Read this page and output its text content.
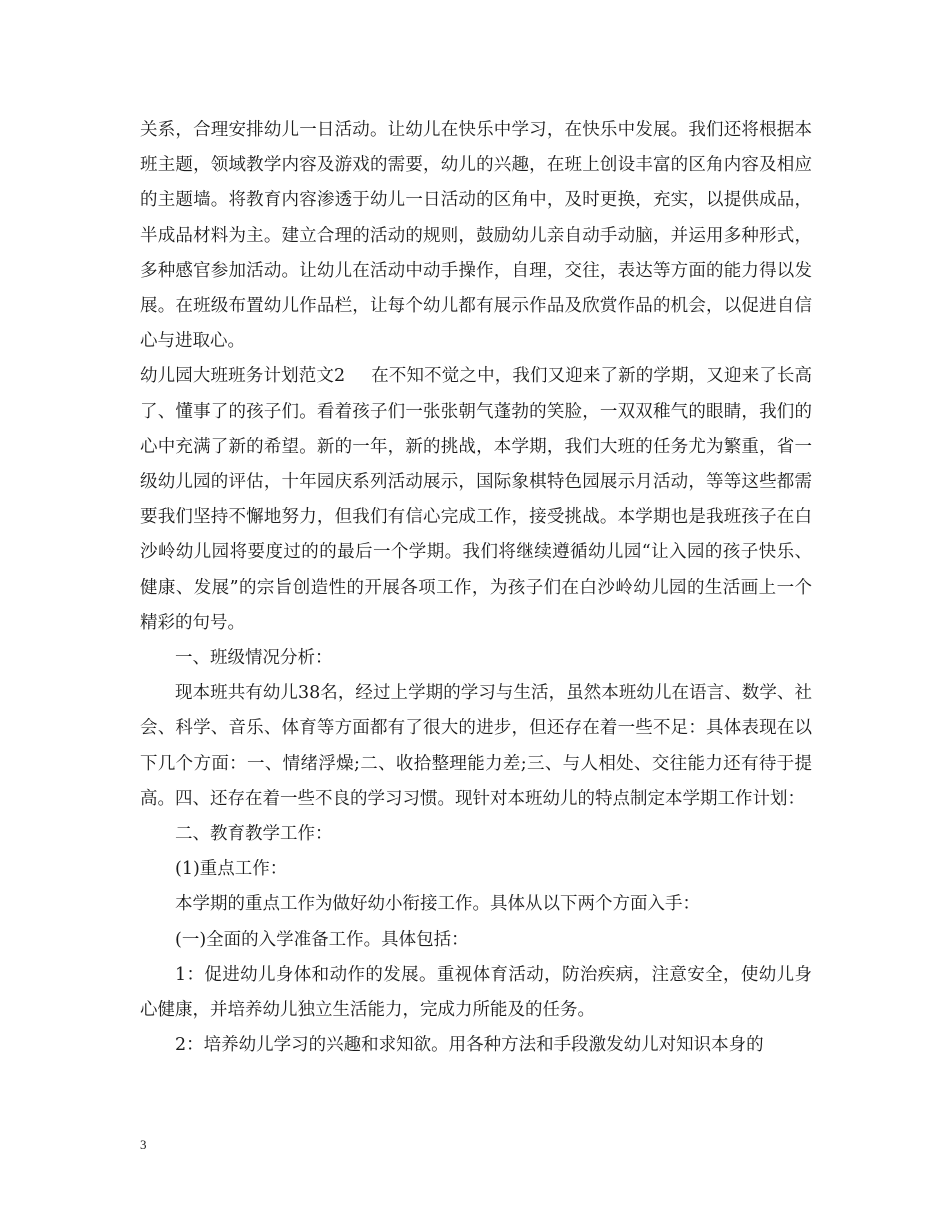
关系，合理安排幼儿一日活动。让幼儿在快乐中学习，在快乐中发展。我们还将根据本班主题，领域教学内容及游戏的需要，幼儿的兴趣，在班上创设丰富的区角内容及相应的主题墙。将教育内容渗透于幼儿一日活动的区角中，及时更换，充实，以提供成品，半成品材料为主。建立合理的活动的规则，鼓励幼儿亲自动手动脑，并运用多种形式，多种感官参加活动。让幼儿在活动中动手操作，自理，交往，表达等方面的能力得以发展。在班级布置幼儿作品栏，让每个幼儿都有展示作品及欣赏作品的机会，以促进自信心与进取心。

幼儿园大班班务计划范文2 在不知不觉之中，我们又迎来了新的学期，又迎来了长高了、懂事了的孩子们。看着孩子们一张张朝气蓬勃的笑脸，一双双稚气的眼睛，我们的心中充满了新的希望。新的一年，新的挑战，本学期，我们大班的任务尤为繁重，省一级幼儿园的评估，十年园庆系列活动展示，国际象棋特色园展示月活动，等等这些都需要我们坚持不懈地努力，但我们有信心完成工作，接受挑战。本学期也是我班孩子在白沙岭幼儿园将要度过的的最后一个学期。我们将继续遵循幼儿园“让入园的孩子快乐、健康、发展”的宗旨创造性的开展各项工作，为孩子们在白沙岭幼儿园的生活画上一个精彩的句号。

一、班级情况分析：

现本班共有幼儿38名，经过上学期的学习与生活，虽然本班幼儿在语言、数学、社会、科学、音乐、体育等方面都有了很大的进步，但还存在着一些不足：具体表现在以下几个方面：一、情绪浮燥;二、收拾整理能力差;三、与人相处、交往能力还有待于提高。四、还存在着一些不良的学习习惯。现针对本班幼儿的特点制定本学期工作计划：

二、教育教学工作：

(1)重点工作：

本学期的重点工作为做好幼小衔接工作。具体从以下两个方面入手：

(一)全面的入学准备工作。具体包括：

1：促进幼儿身体和动作的发展。重视体育活动，防治疾病，注意安全，使幼儿身心健康，并培养幼儿独立生活能力，完成力所能及的任务。

2：培养幼儿学习的兴趣和求知欲。用各种方法和手段激发幼儿对知识本身的

3
